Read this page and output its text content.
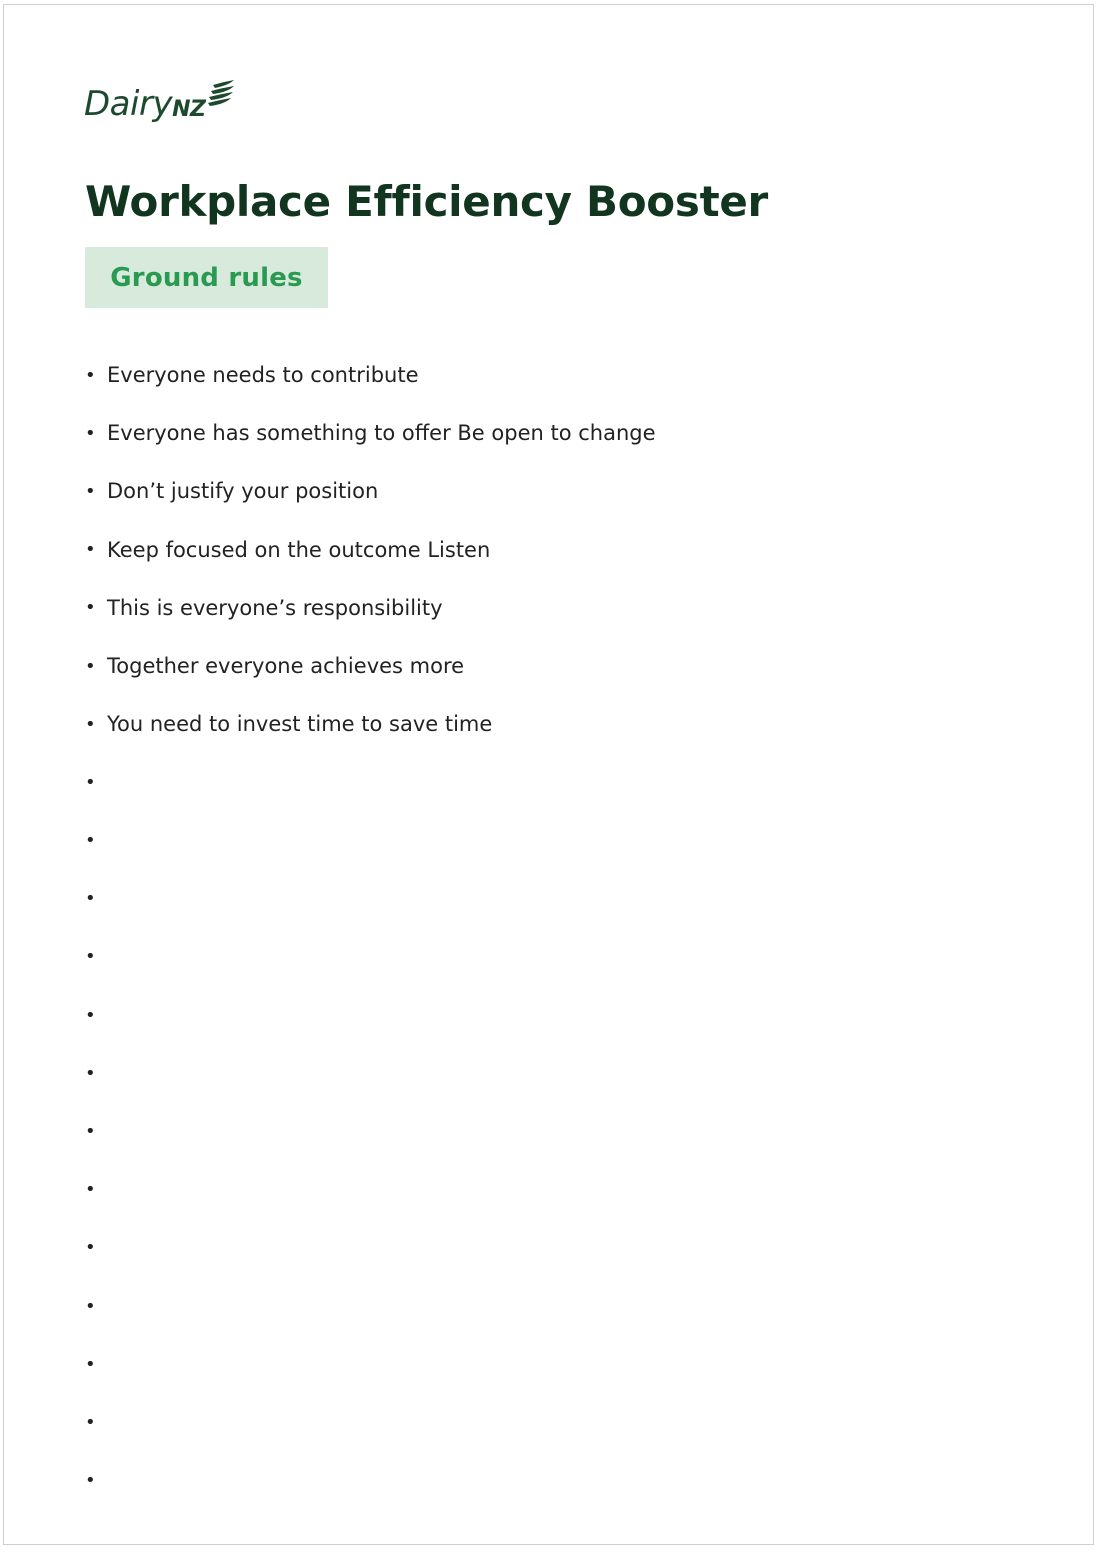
Dairy NZ
Workplace Efficiency Booster
Ground rules
• Everyone needs to contribute
• Everyone has something to offer Be open to change
• Don’t justify your position
• Keep focused on the outcome Listen
• This is everyone’s responsibility
• Together everyone achieves more
• You need to invest time to save time
•
•
•
•
•
•
•
•
•
•
•
•
•
